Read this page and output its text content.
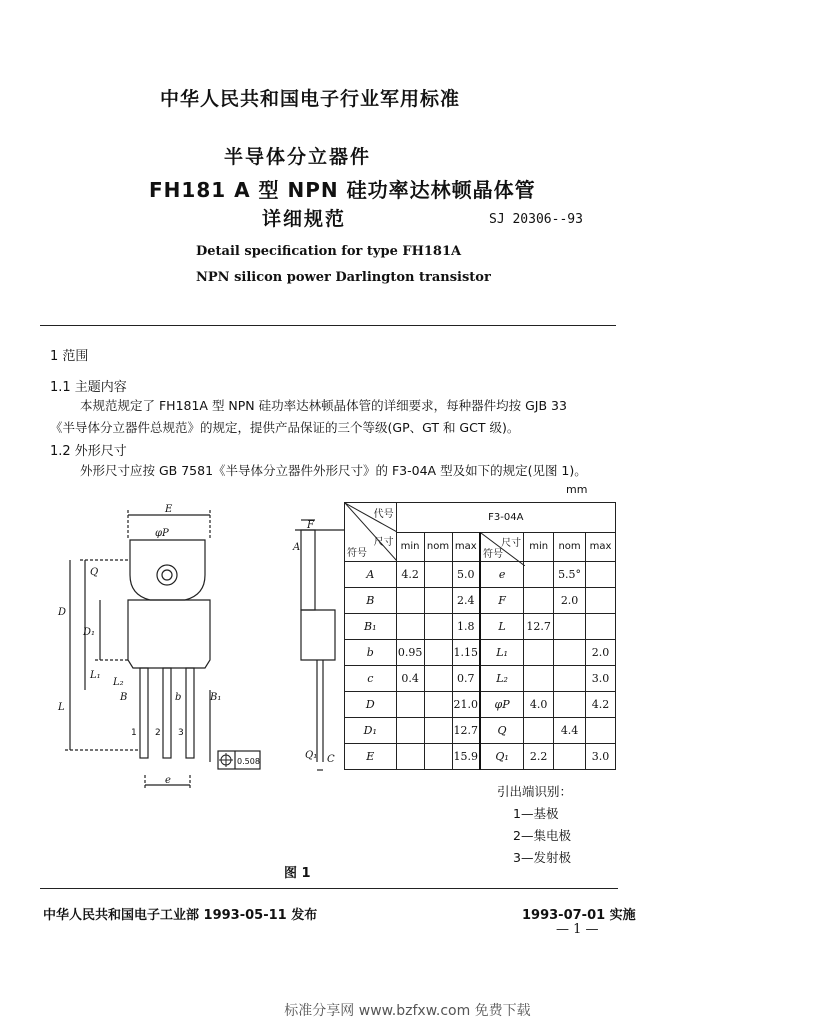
中华人民共和国电子行业军用标准
半导体分立器件
FH181 A 型 NPN 硅功率达林顿晶体管
详细规范	SJ 20306--93
Detail specification for type FH181A
NPN silicon power Darlington transistor
1 范围
1.1 主题内容
本规范规定了 FH181A 型 NPN 硅功率达林顿晶体管的详细要求，每种器件均按 GJB 33
《半导体分立器件总规范》的规定，提供产品保证的三个等级(GP、GT 和 GCT 级)。
1.2 外形尺寸
外形尺寸应按 GB 7581《半导体分立器件外形尺寸》的 F3-04A 型及如下的规定(见图 1)。
mm
E
φP
Q
D
D₁
L₁
L
L₂
B	B₁
b
e
F
A
Q₁ C
1 2 3
0.508
代号
尺寸
符号	F3-04A						
	min	nom	max	尺寸
符号	min	nom	max
A	4.2		5.0	e		5.5°	
B			2.4	F		2.0	
B₁			1.8	L	12.7		
b	0.95		1.15	L₁			2.0
c	0.4		0.7	L₂			3.0
D			21.0	φP	4.0		4.2
D₁			12.7	Q		4.4	
E			15.9	Q₁	2.2		3.0
引出端识别：
1—基极
2—集电极
3—发射极
图 1
中华人民共和国电子工业部 1993-05-11 发布	1993-07-01 实施
— 1 —
标准分享网 www.bzfxw.com 免费下载
